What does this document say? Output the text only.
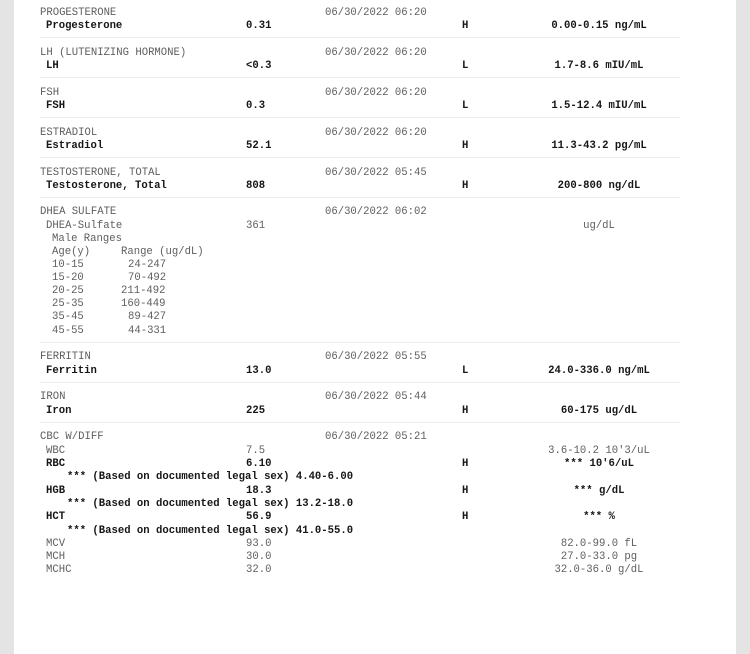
PROGESTERONE	06/30/2022 06:20
Progesterone	0.31	H	0.00-0.15 ng/mL
LH (LUTENIZING HORMONE)	06/30/2022 06:20
LH	<0.3	L	1.7-8.6 mIU/mL
FSH	06/30/2022 06:20
FSH	0.3	L	1.5-12.4 mIU/mL
ESTRADIOL	06/30/2022 06:20
Estradiol	52.1	H	11.3-43.2 pg/mL
TESTOSTERONE, TOTAL	06/30/2022 05:45
Testosterone, Total	808	H	200-800 ng/dL
DHEA SULFATE	06/30/2022 06:02
DHEA-Sulfate	361	ug/dL
Male Ranges
Age(y)	Range (ug/dL)
10-15	24-247
15-20	70-492
20-25	211-492
25-35	160-449
35-45	89-427
45-55	44-331
FERRITIN	06/30/2022 05:55
Ferritin	13.0	L	24.0-336.0 ng/mL
IRON	06/30/2022 05:44
Iron	225	H	60-175 ug/dL
CBC W/DIFF	06/30/2022 05:21
WBC	7.5	3.6-10.2 10'3/uL
RBC	6.10	H	*** 10'6/uL
*** (Based on documented legal sex) 4.40-6.00
HGB	18.3	H	*** g/dL
*** (Based on documented legal sex) 13.2-18.0
HCT	56.9	H	*** %
*** (Based on documented legal sex) 41.0-55.0
MCV	93.0	82.0-99.0 fL
MCH	30.0	27.0-33.0 pg
MCHC	32.0	32.0-36.0 g/dL
